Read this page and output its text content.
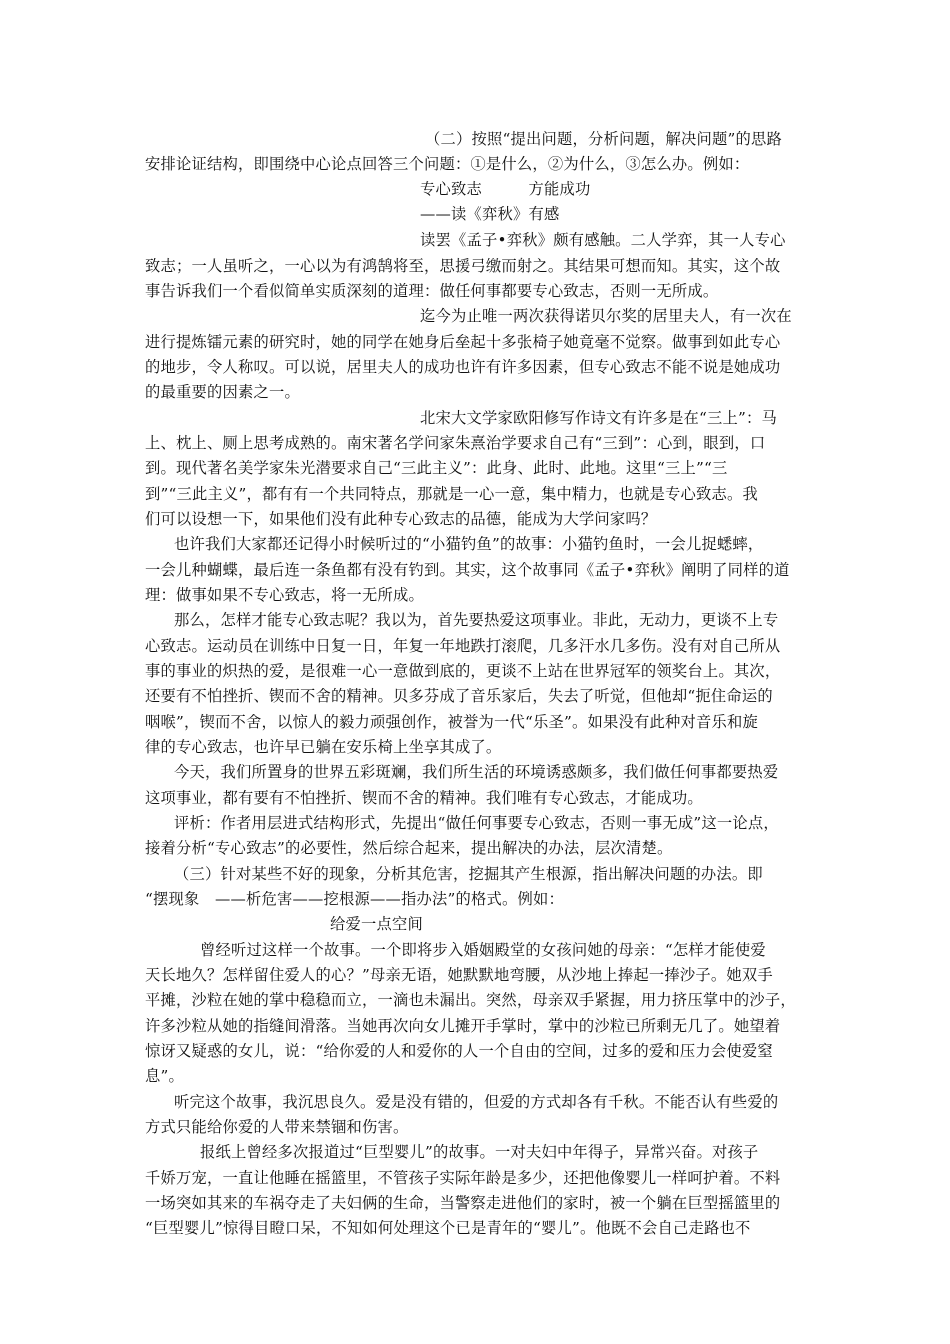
（二）按照“提出问题，分析问题，解决问题”的思路
安排论证结构，即围绕中心论点回答三个问题：①是什么，②为什么，③怎么办。例如：
专心致志　　　方能成功
——读《弈秋》有感
读罢《孟子•弈秋》颇有感触。二人学弈，其一人专心
致志；一人虽听之，一心以为有鸿鹄将至，思援弓缴而射之。其结果可想而知。其实，这个故
事告诉我们一个看似简单实质深刻的道理：做任何事都要专心致志，否则一无所成。
迄今为止唯一两次获得诺贝尔奖的居里夫人，有一次在
进行提炼镭元素的研究时，她的同学在她身后垒起十多张椅子她竟毫不觉察。做事到如此专心
的地步，令人称叹。可以说，居里夫人的成功也许有许多因素，但专心致志不能不说是她成功
的最重要的因素之一。
北宋大文学家欧阳修写作诗文有许多是在“三上”：马
上、枕上、厕上思考成熟的。南宋著名学问家朱熹治学要求自己有“三到”：心到，眼到，口
到。现代著名美学家朱光潜要求自己“三此主义”：此身、此时、此地。这里“三上”“三
到”“三此主义”，都有有一个共同特点，那就是一心一意，集中精力，也就是专心致志。我
们可以设想一下，如果他们没有此种专心致志的品德，能成为大学问家吗？
也许我们大家都还记得小时候听过的“小猫钓鱼”的故事：小猫钓鱼时，一会儿捉蟋蟀，
一会儿种蝴蝶，最后连一条鱼都有没有钓到。其实，这个故事同《孟子•弈秋》阐明了同样的道
理：做事如果不专心致志，将一无所成。
那么，怎样才能专心致志呢？我以为，首先要热爱这项事业。非此，无动力，更谈不上专
心致志。运动员在训练中日复一日，年复一年地跌打滚爬，几多汗水几多伤。没有对自己所从
事的事业的炽热的爱，是很难一心一意做到底的，更谈不上站在世界冠军的领奖台上。其次，
还要有不怕挫折、锲而不舍的精神。贝多芬成了音乐家后，失去了听觉，但他却“扼住命运的
咽喉”，锲而不舍，以惊人的毅力顽强创作，被誉为一代“乐圣”。如果没有此种对音乐和旋
律的专心致志，也许早已躺在安乐椅上坐享其成了。
今天，我们所置身的世界五彩斑斓，我们所生活的环境诱惑颇多，我们做任何事都要热爱
这项事业，都有要有不怕挫折、锲而不舍的精神。我们唯有专心致志，才能成功。
评析：作者用层进式结构形式，先提出“做任何事要专心致志，否则一事无成”这一论点，
接着分析“专心致志”的必要性，然后综合起来，提出解决的办法，层次清楚。
（三）针对某些不好的现象，分析其危害，挖掘其产生根源，指出解决问题的办法。即
“摆现象　——析危害——挖根源——指办法”的格式。例如：
给爱一点空间
曾经听过这样一个故事。一个即将步入婚姻殿堂的女孩问她的母亲：“怎样才能使爱
天长地久？怎样留住爱人的心？”母亲无语，她默默地弯腰，从沙地上捧起一捧沙子。她双手
平摊，沙粒在她的掌中稳稳而立，一滴也未漏出。突然，母亲双手紧握，用力挤压掌中的沙子，
许多沙粒从她的指缝间滑落。当她再次向女儿摊开手掌时，掌中的沙粒已所剩无几了。她望着
惊讶又疑惑的女儿，说：“给你爱的人和爱你的人一个自由的空间，过多的爱和压力会使爱窒
息”。
听完这个故事，我沉思良久。爱是没有错的，但爱的方式却各有千秋。不能否认有些爱的
方式只能给你爱的人带来禁锢和伤害。
报纸上曾经多次报道过“巨型婴儿”的故事。一对夫妇中年得子，异常兴奋。对孩子
千娇万宠，一直让他睡在摇篮里，不管孩子实际年龄是多少，还把他像婴儿一样呵护着。不料
一场突如其来的车祸夺走了夫妇俩的生命，当警察走进他们的家时，被一个躺在巨型摇篮里的
“巨型婴儿”惊得目瞪口呆，不知如何处理这个已是青年的“婴儿”。他既不会自己走路也不
